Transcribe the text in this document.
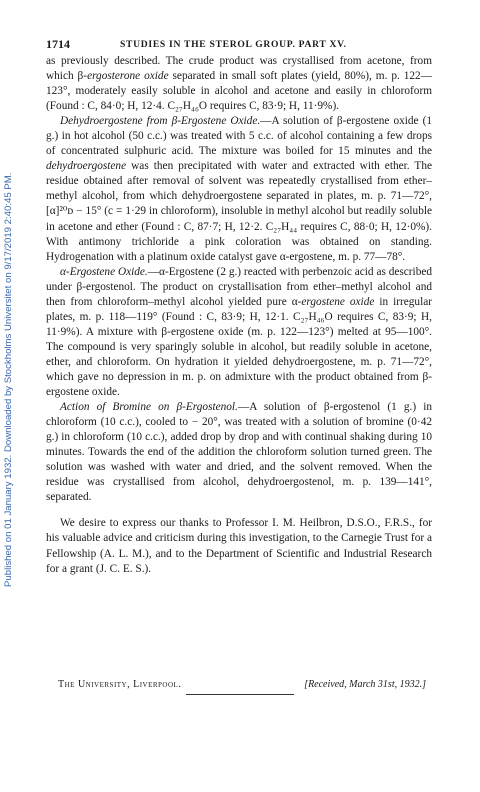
Published on 01 January 1932. Downloaded by Stockholms Universitet on 9/17/2019 2:40:45 PM.
1714	STUDIES IN THE STEROL GROUP. PART XV.

as previously described. The crude product was crystallised from acetone, from which β-ergosterone oxide separated in small soft plates (yield, 80%), m. p. 122—123°, moderately easily soluble in alcohol and acetone and easily in chloroform (Found : C, 84·0; H, 12·4. C₂₇H₄₆O requires C, 83·9; H, 11·9%).

Dehydroergostene from β-Ergostene Oxide.—A solution of β-ergostene oxide (1 g.) in hot alcohol (50 c.c.) was treated with 5 c.c. of alcohol containing a few drops of concentrated sulphuric acid. The mixture was boiled for 15 minutes and the dehydroergostene was then precipitated with water and extracted with ether. The residue obtained after removal of solvent was repeatedly crystallised from ether–methyl alcohol, from which dehydroergostene separated in plates, m. p. 71—72°, [α]²⁰ᴅ − 15° (c = 1·29 in chloroform), insoluble in methyl alcohol but readily soluble in acetone and ether (Found : C, 87·7; H, 12·2. C₂₇H₄₄ requires C, 88·0; H, 12·0%). With antimony trichloride a pink coloration was obtained on standing. Hydrogenation with a platinum oxide catalyst gave α-ergostene, m. p. 77—78°.

α-Ergostene Oxide.—α-Ergostene (2 g.) reacted with perbenzoic acid as described under β-ergostenol. The product on crystallisation from ether–methyl alcohol and then from chloroform–methyl alcohol yielded pure α-ergostene oxide in irregular plates, m. p. 118—119° (Found : C, 83·9; H, 12·1. C₂₇H₄₆O requires C, 83·9; H, 11·9%). A mixture with β-ergostene oxide (m. p. 122—123°) melted at 95—100°. The compound is very sparingly soluble in alcohol, but readily soluble in acetone, ether, and chloroform. On hydration it yielded dehydroergostene, m. p. 71—72°, which gave no depression in m. p. on admixture with the product obtained from β-ergostene oxide.

Action of Bromine on β-Ergostenol.—A solution of β-ergostenol (1 g.) in chloroform (10 c.c.), cooled to − 20°, was treated with a solution of bromine (0·42 g.) in chloroform (10 c.c.), added drop by drop and with continual shaking during 10 minutes. Towards the end of the addition the chloroform solution turned green. The solution was washed with water and dried, and the solvent removed. When the residue was crystallised from alcohol, dehydroergostenol, m. p. 139—141°, separated.

We desire to express our thanks to Professor I. M. Heilbron, D.S.O., F.R.S., for his valuable advice and criticism during this investigation, to the Carnegie Trust for a Fellowship (A. L. M.), and to the Department of Scientific and Industrial Research for a grant (J. C. E. S.).

The University, Liverpool.	[Received, March 31st, 1932.]
